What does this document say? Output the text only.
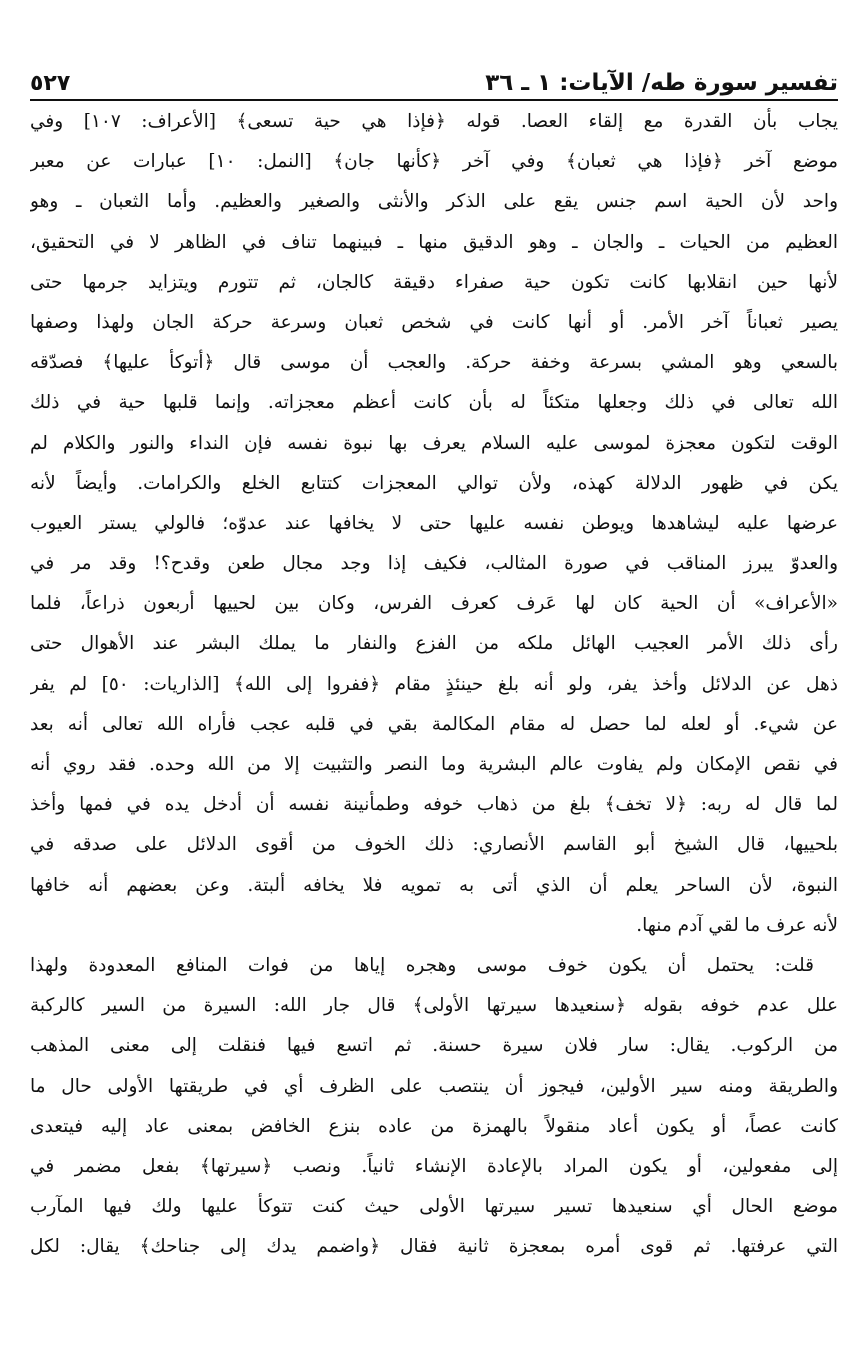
تفسير سورة طه/ الآيات: ١ ـ ٣٦
٥٢٧
يجاب بأن القدرة مع إلقاء العصا. قوله ﴿فإذا هي حية تسعى﴾ [الأعراف: ١٠٧] وفي
موضع آخر ﴿فإذا هي ثعبان﴾ وفي آخر ﴿كأنها جان﴾ [النمل: ١٠] عبارات عن معبر
واحد لأن الحية اسم جنس يقع على الذكر والأنثى والصغير والعظيم. وأما الثعبان ـ وهو
العظيم من الحيات ـ والجان ـ وهو الدقيق منها ـ فبينهما تناف في الظاهر لا في التحقيق،
لأنها حين انقلابها كانت تكون حية صفراء دقيقة كالجان، ثم تتورم ويتزايد جرمها حتى
يصير ثعباناً آخر الأمر. أو أنها كانت في شخص ثعبان وسرعة حركة الجان ولهذا وصفها
بالسعي وهو المشي بسرعة وخفة حركة. والعجب أن موسى قال ﴿أتوكأ عليها﴾ فصدّقه
الله تعالى في ذلك وجعلها متكئاً له بأن كانت أعظم معجزاته. وإنما قلبها حية في ذلك
الوقت لتكون معجزة لموسى عليه السلام يعرف بها نبوة نفسه فإن النداء والنور والكلام لم
يكن في ظهور الدلالة كهذه، ولأن توالي المعجزات كتتابع الخلع والكرامات. وأيضاً لأنه
عرضها عليه ليشاهدها ويوطن نفسه عليها حتى لا يخافها عند عدوّه؛ فالولي يستر العيوب
والعدوّ يبرز المناقب في صورة المثالب، فكيف إذا وجد مجال طعن وقدح؟! وقد مر في
«الأعراف» أن الحية كان لها عَرف كعرف الفرس، وكان بين لحييها أربعون ذراعاً، فلما
رأى ذلك الأمر العجيب الهائل ملكه من الفزع والنفار ما يملك البشر عند الأهوال حتى
ذهل عن الدلائل وأخذ يفر، ولو أنه بلغ حينئذٍ مقام ﴿ففروا إلى الله﴾ [الذاريات: ٥٠] لم يفر
عن شيء. أو لعله لما حصل له مقام المكالمة بقي في قلبه عجب فأراه الله تعالى أنه بعد
في نقص الإمكان ولم يفاوت عالم البشرية وما النصر والتثبيت إلا من الله وحده. فقد روي أنه
لما قال له ربه: ﴿لا تخف﴾ بلغ من ذهاب خوفه وطمأنينة نفسه أن أدخل يده في فمها وأخذ
بلحييها، قال الشيخ أبو القاسم الأنصاري: ذلك الخوف من أقوى الدلائل على صدقه في
النبوة، لأن الساحر يعلم أن الذي أتى به تمويه فلا يخافه ألبتة. وعن بعضهم أنه خافها
لأنه عرف ما لقي آدم منها.
قلت: يحتمل أن يكون خوف موسى وهجره إياها من فوات المنافع المعدودة ولهذا
علل عدم خوفه بقوله ﴿سنعيدها سيرتها الأولى﴾ قال جار الله: السيرة من السير كالركبة
من الركوب. يقال: سار فلان سيرة حسنة. ثم اتسع فيها فنقلت إلى معنى المذهب
والطريقة ومنه سير الأولين، فيجوز أن ينتصب على الظرف أي في طريقتها الأولى حال ما
كانت عصاً، أو يكون أعاد منقولاً بالهمزة من عاده بنزع الخافض بمعنى عاد إليه فيتعدى
إلى مفعولين، أو يكون المراد بالإعادة الإنشاء ثانياً. ونصب ﴿سيرتها﴾ بفعل مضمر في
موضع الحال أي سنعيدها تسير سيرتها الأولى حيث كنت تتوكأ عليها ولك فيها المآرب
التي عرفتها. ثم قوى أمره بمعجزة ثانية فقال ﴿واضمم يدك إلى جناحك﴾ يقال: لكل
